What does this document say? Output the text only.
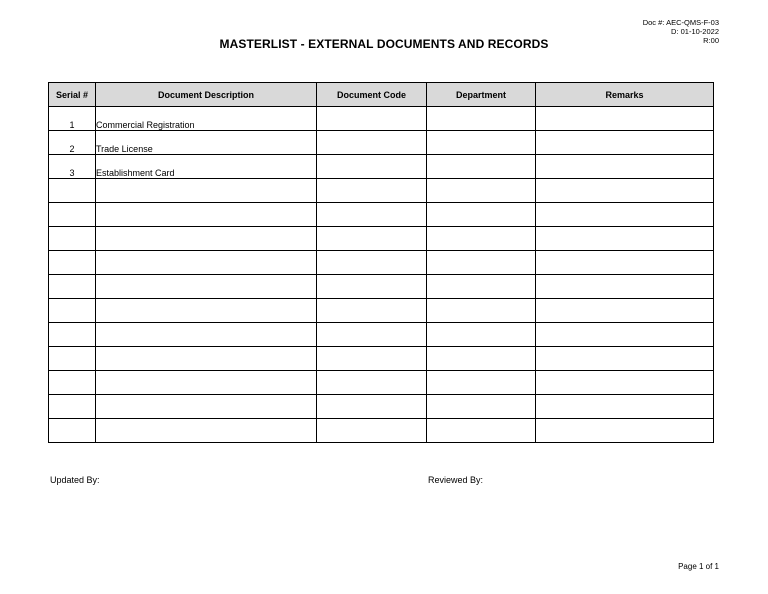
Doc #: AEC-QMS-F-03
D: 01-10-2022
R:00
MASTERLIST - EXTERNAL DOCUMENTS AND RECORDS
Serial #	Document Description	Document Code	Department	Remarks
1	Commercial Registration			
2	Trade License			
3	Establishment Card			

Updated By:	Reviewed By:
Page 1 of 1
